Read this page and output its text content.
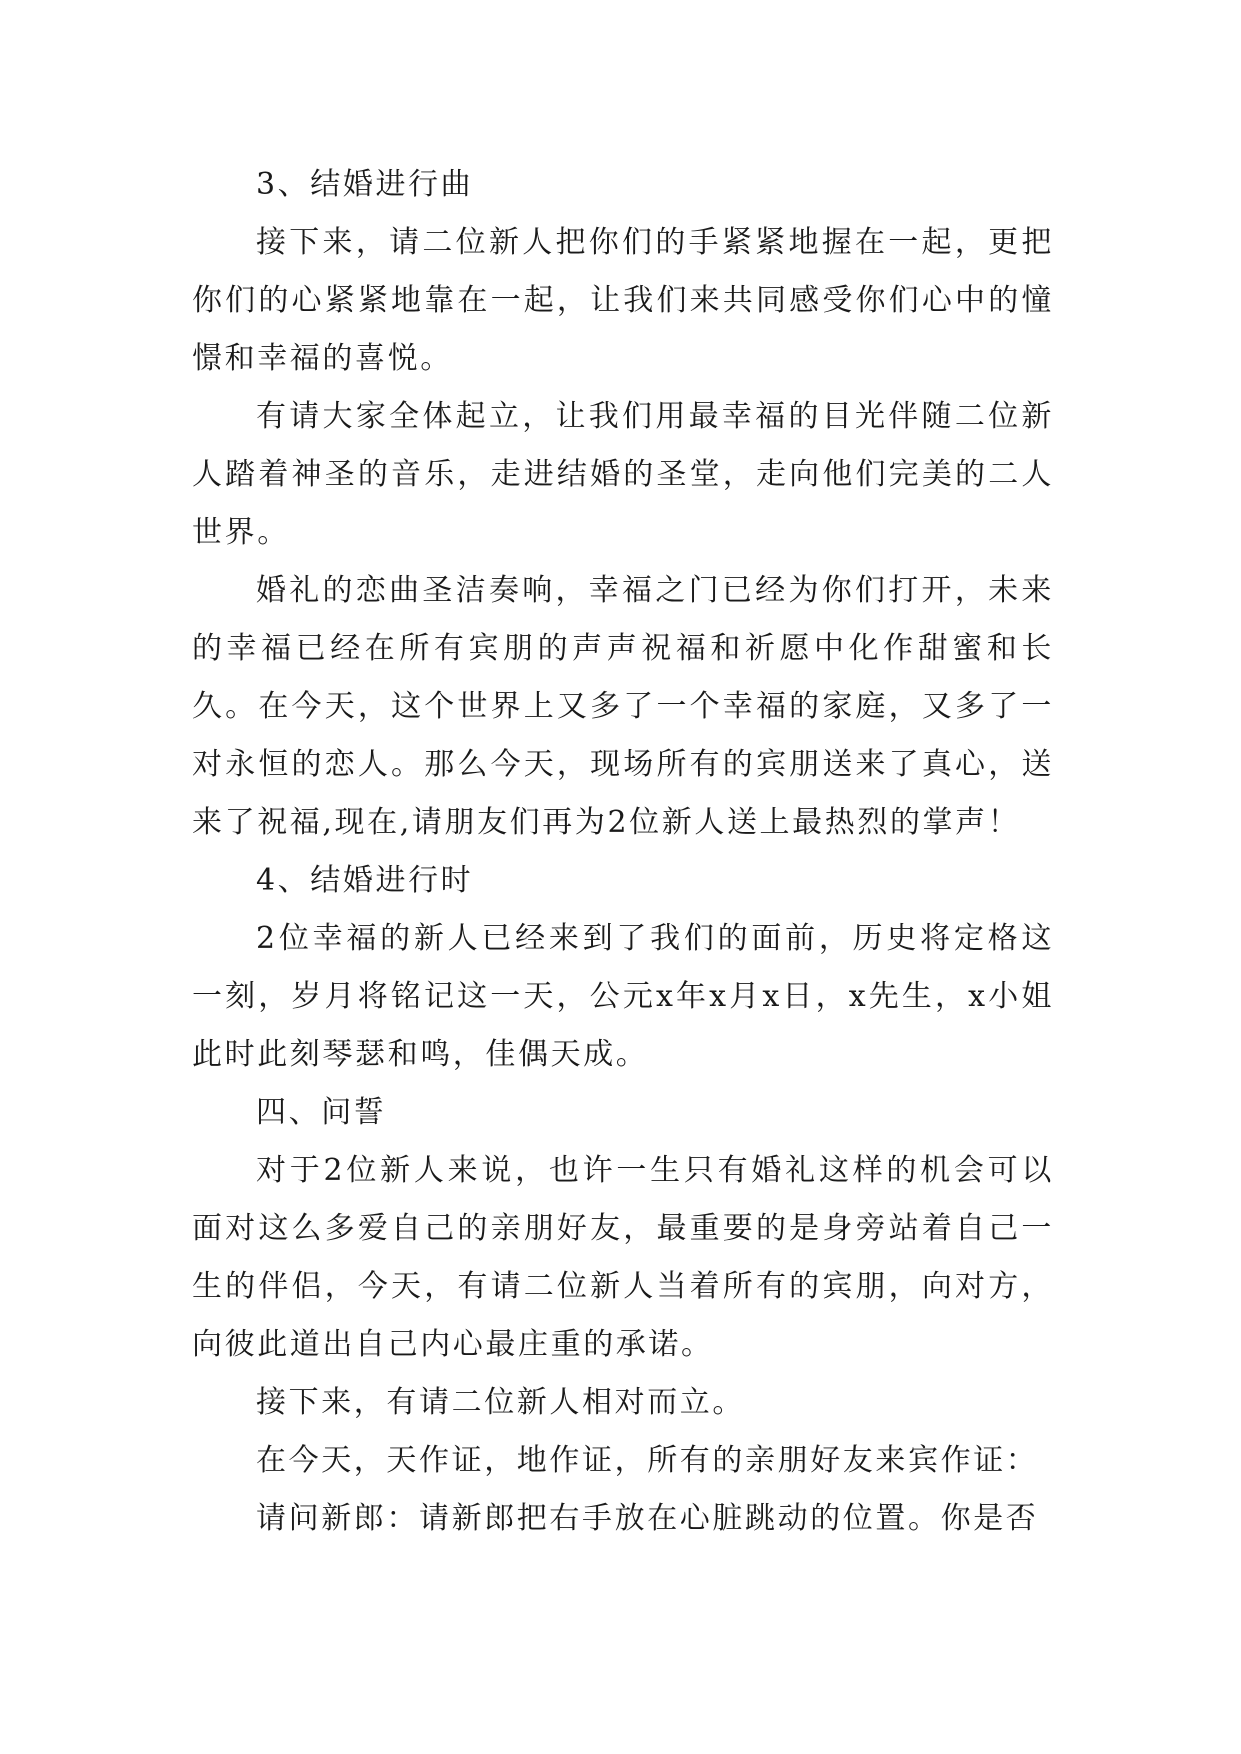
3、结婚进行曲

接下来，请二位新人把你们的手紧紧地握在一起，更把你们的心紧紧地靠在一起，让我们来共同感受你们心中的憧憬和幸福的喜悦。

有请大家全体起立，让我们用最幸福的目光伴随二位新人踏着神圣的音乐，走进结婚的圣堂，走向他们完美的二人世界。

婚礼的恋曲圣洁奏响，幸福之门已经为你们打开，未来的幸福已经在所有宾朋的声声祝福和祈愿中化作甜蜜和长久。在今天，这个世界上又多了一个幸福的家庭，又多了一对永恒的恋人。那么今天，现场所有的宾朋送来了真心，送来了祝福,现在,请朋友们再为2位新人送上最热烈的掌声！

4、结婚进行时

2位幸福的新人已经来到了我们的面前，历史将定格这一刻，岁月将铭记这一天，公元x年x月x日，x先生，x小姐此时此刻琴瑟和鸣，佳偶天成。

四、问誓

对于2位新人来说，也许一生只有婚礼这样的机会可以面对这么多爱自己的亲朋好友，最重要的是身旁站着自己一生的伴侣，今天，有请二位新人当着所有的宾朋，向对方，向彼此道出自己内心最庄重的承诺。

接下来，有请二位新人相对而立。

在今天，天作证，地作证，所有的亲朋好友来宾作证：

请问新郎：请新郎把右手放在心脏跳动的位置。你是否
